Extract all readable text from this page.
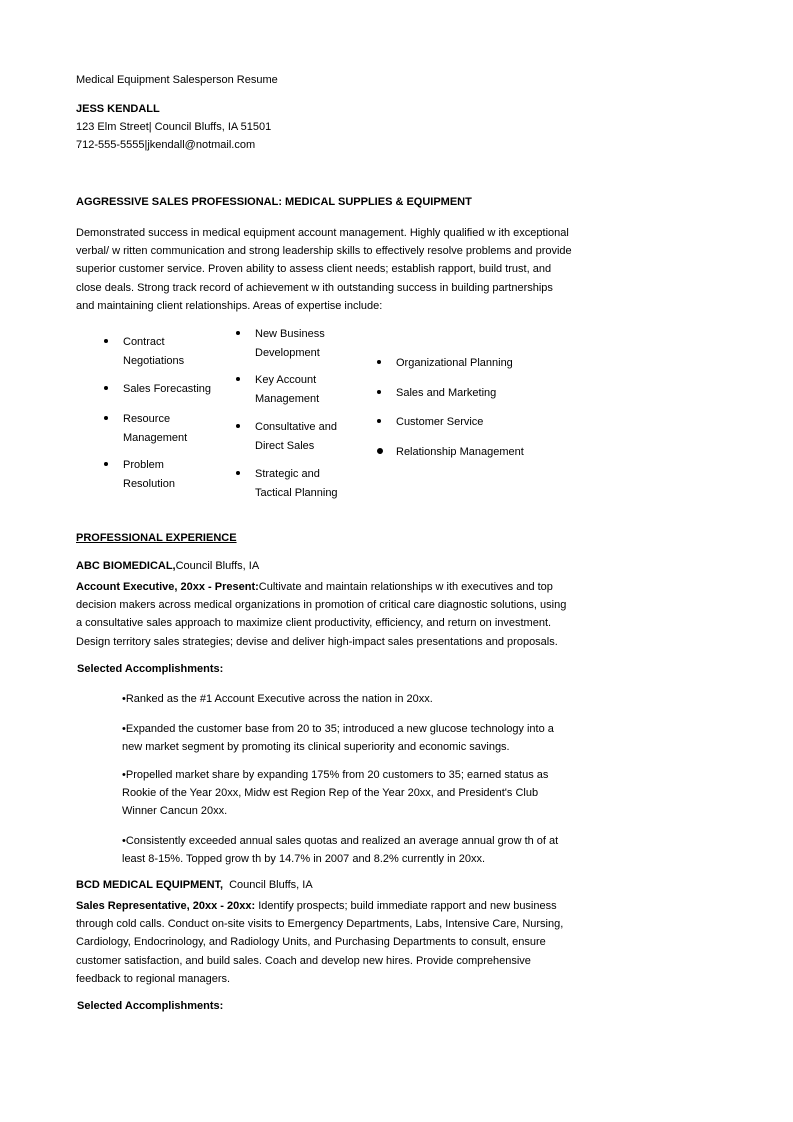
Medical Equipment Salesperson Resume
JESS KENDALL
123 Elm Street| Council Bluffs, IA 51501
712-555-5555|jkendall@notmail.com
AGGRESSIVE SALES PROFESSIONAL: MEDICAL SUPPLIES & EQUIPMENT
Demonstrated success in medical equipment account management. Highly qualified w ith exceptional
verbal/ w ritten communication and strong leadership skills to effectively resolve problems and provide
superior customer service. Proven ability to assess client needs; establish rapport, build trust, and
close deals. Strong track record of achievement w ith outstanding success in building partnerships
and maintaining client relationships. Areas of expertise include:
Contract
Negotiations
Sales Forecasting
Resource
Management
Problem
Resolution
New Business
Development
Key Account
Management
Consultative and
Direct Sales
Strategic and
Tactical Planning
Organizational Planning
Sales and Marketing
Customer Service
Relationship Management
PROFESSIONAL EXPERIENCE
ABC BIOMEDICAL,Council Bluffs, IA
Account Executive, 20xx - Present:Cultivate and maintain relationships w ith executives and top
decision makers across medical organizations in promotion of critical care diagnostic solutions, using
a consultative sales approach to maximize client productivity, efficiency, and return on investment.
Design territory sales strategies; devise and deliver high-impact sales presentations and proposals.
Selected Accomplishments:
•Ranked as the #1 Account Executive across the nation in 20xx.
•Expanded the customer base from 20 to 35; introduced a new glucose technology into a
new market segment by promoting its clinical superiority and economic savings.
•Propelled market share by expanding 175% from 20 customers to 35; earned status as
Rookie of the Year 20xx, Midw est Region Rep of the Year 20xx, and President's Club
Winner Cancun 20xx.
•Consistently exceeded annual sales quotas and realized an average annual grow th of at
least 8-15%. Topped grow th by 14.7% in 2007 and 8.2% currently in 20xx.
BCD MEDICAL EQUIPMENT, Council Bluffs, IA
Sales Representative, 20xx - 20xx: Identify prospects; build immediate rapport and new business
through cold calls. Conduct on-site visits to Emergency Departments, Labs, Intensive Care, Nursing,
Cardiology, Endocrinology, and Radiology Units, and Purchasing Departments to consult, ensure
customer satisfaction, and build sales. Coach and develop new hires. Provide comprehensive
feedback to regional managers.
Selected Accomplishments:
